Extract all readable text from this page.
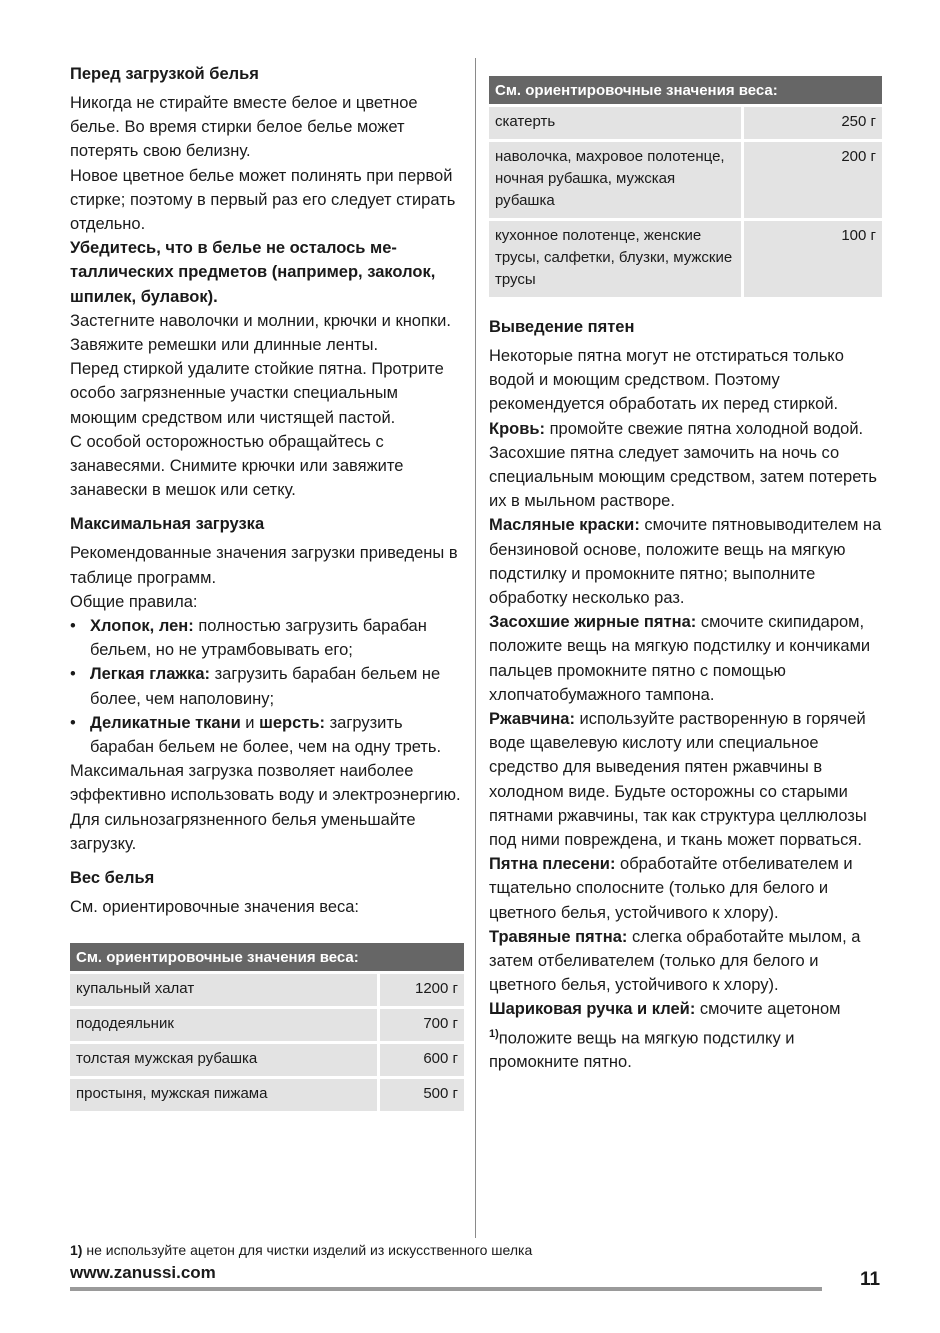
Перед загрузкой белья

Никогда не стирайте вместе белое и цветное белье. Во время стирки белое белье может потерять свою белизну.

Новое цветное белье может полинять при первой стирке; поэтому в первый раз его следует стирать отдельно.

Убедитесь, что в белье не осталось металлических предметов (например, заколок, шпилек, булавок).

Застегните наволочки и молнии, крючки и кнопки. Завяжите ремешки или длинные ленты.

Перед стиркой удалите стойкие пятна. Протрите особо загрязненные участки специальным моющим средством или чистящей пастой.

С особой осторожностью обращайтесь с занавесями. Снимите крючки или завяжите занавески в мешок или сетку.

Максимальная загрузка

Рекомендованные значения загрузки приведены в таблице программ.

Общие правила:

• Хлопок, лен: полностью загрузить барабан бельем, но не утрамбовывать его;
• Легкая глажка: загрузить барабан бельем не более, чем наполовину;
• Деликатные ткани и шерсть: загрузить барабан бельем не более, чем на одну треть.

Максимальная загрузка позволяет наиболее эффективно использовать воду и электроэнергию.

Для сильнозагрязненного белья уменьшайте загрузку.

Вес белья

См. ориентировочные значения веса:

См. ориентировочные значения веса:	
купальный халат	1200 г
пододеяльник	700 г
толстая мужская рубашка	600 г
простыня, мужская пижама	500 г
См. ориентировочные значения веса:	
скатерть	250 г
наволочка, махровое полотенце, ночная рубашка, мужская рубашка	200 г
кухонное полотенце, женские трусы, салфетки, блузки, мужские трусы	100 г
Выведение пятен

Некоторые пятна могут не отстираться только водой и моющим средством. Поэтому рекомендуется обработать их перед стиркой.

Кровь: промойте свежие пятна холодной водой. Засохшие пятна следует замочить на ночь со специальным моющим средством, затем потереть их в мыльном растворе.

Масляные краски: смочите пятновыводителем на бензиновой основе, положите вещь на мягкую подстилку и промокните пятно; выполните обработку несколько раз.

Засохшие жирные пятна: смочите скипидаром, положите вещь на мягкую подстилку и кончиками пальцев промокните пятно с помощью хлопчатобумажного тампона.

Ржавчина: используйте растворенную в горячей воде щавелевую кислоту или специальное средство для выведения пятен ржавчины в холодном виде. Будьте осторожны со старыми пятнами ржавчины, так как структура целлюлозы под ними повреждена, и ткань может порваться.

Пятна плесени: обработайте отбеливателем и тщательно сполосните (только для белого и цветного белья, устойчивого к хлору).

Травяные пятна: слегка обработайте мылом, а затем отбеливателем (только для белого и цветного белья, устойчивого к хлору).

Шариковая ручка и клей: смочите ацетоном $^{1)}$положите вещь на мягкую подстилку и промокните пятно.

1) не используйте ацетон для чистки изделий из искусственного шелка
www.zanussi.com	11
